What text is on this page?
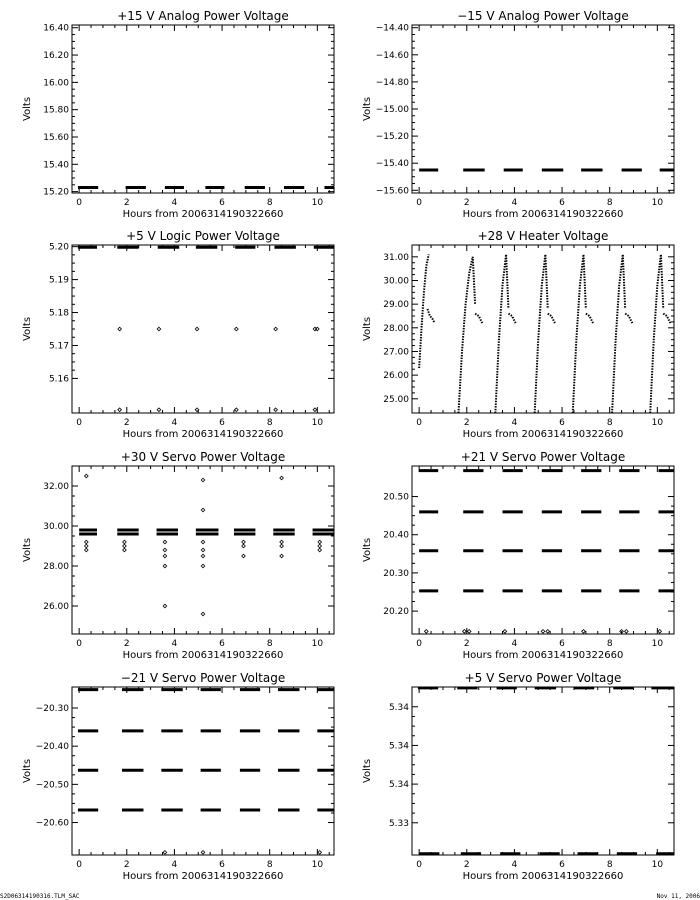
+15 V Analog Power Voltage
0	2	4	6	8	10
15.20
15.40
15.60
15.80
16.00
16.20
16.40
Hours from 2006314190322660
Volts
−15 V Analog Power Voltage
0	2	4	6	8	10
−15.60
−15.40
−15.20
−15.00
−14.80
−14.60
−14.40
Hours from 2006314190322660
Volts
+5 V Logic Power Voltage
0	2	4	6	8	10
5.16
5.17
5.18
5.19
5.20
Hours from 2006314190322660
Volts
+28 V Heater Voltage
0	2	4	6	8	10
25.00
26.00
27.00
28.00
29.00
30.00
31.00
Hours from 2006314190322660
Volts
+30 V Servo Power Voltage
0	2	4	6	8	10
26.00
28.00
30.00
32.00
Hours from 2006314190322660
Volts
+21 V Servo Power Voltage
0	2	4	6	8	10
20.20
20.30
20.40
20.50
Hours from 2006314190322660
Volts
−21 V Servo Power Voltage
0	2	4	6	8	10
−20.60
−20.50
−20.40
−20.30
Hours from 2006314190322660
Volts
+5 V Servo Power Voltage
0	2	4	6	8	10
5.33
5.34
5.34
5.34
Hours from 2006314190322660
Volts
S2D06314190316.TLM_SAC	Nov 11, 2006
